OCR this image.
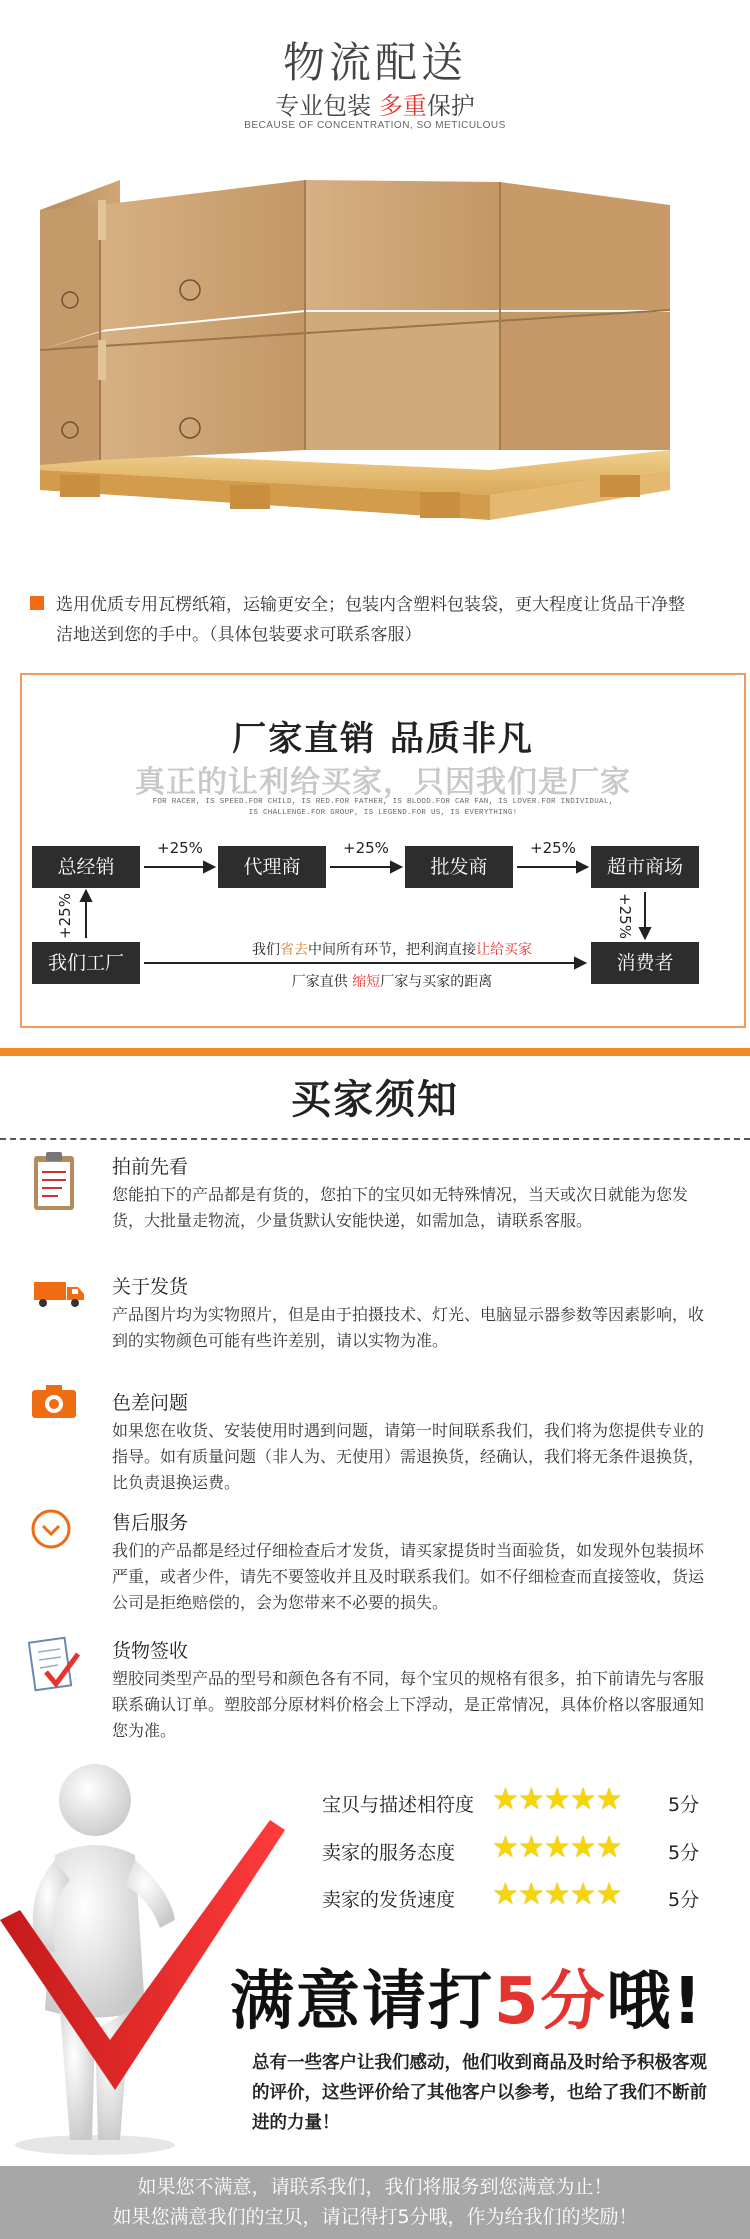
物流配送
专业包装 多重保护
BECAUSE OF CONCENTRATION, SO METICULOUS
选用优质专用瓦楞纸箱，运输更安全；包装内含塑料包装袋，更大程度让货品干净整洁地送到您的手中。（具体包装要求可联系客服）
厂家直销 品质非凡
真正的让利给买家，只因我们是厂家
FOR RACER, IS SPEED.FOR CHILD, IS RED.FOR FATHER, IS BLOOD.FOR CAR FAN, IS LOVER.FOR INDIVIDUAL,
IS CHALLENGE.FOR GROUP, IS LEGEND.FOR US, IS EVERYTHING!
总经销	代理商	批发商	超市商场
我们工厂	消费者
+25%	+25%	+25%
+25%	+25%
我们省去中间所有环节，把利润直接让给买家
厂家直供 缩短厂家与买家的距离
买家须知
拍前先看
您能拍下的产品都是有货的，您拍下的宝贝如无特殊情况，当天或次日就能为您发货，大批量走物流，少量货默认安能快递，如需加急，请联系客服。
关于发货
产品图片均为实物照片，但是由于拍摄技术、灯光、电脑显示器参数等因素影响，收到的实物颜色可能有些许差别，请以实物为准。
色差问题
如果您在收货、安装使用时遇到问题，请第一时间联系我们，我们将为您提供专业的指导。如有质量问题（非人为、无使用）需退换货，经确认，我们将无条件退换货，比负责退换运费。
售后服务
我们的产品都是经过仔细检查后才发货，请买家提货时当面验货，如发现外包装损坏严重，或者少件，请先不要签收并且及时联系我们。如不仔细检查而直接签收，货运公司是拒绝赔偿的，会为您带来不必要的损失。
货物签收
塑胶同类型产品的型号和颜色各有不同，每个宝贝的规格有很多，拍下前请先与客服联系确认订单。塑胶部分原材料价格会上下浮动，是正常情况，具体价格以客服通知您为准。
宝贝与描述相符度 ★★★★★ 5分
卖家的服务态度 ★★★★★ 5分
卖家的发货速度 ★★★★★ 5分
满意请打5分哦!
总有一些客户让我们感动，他们收到商品及时给予积极客观的评价，这些评价给了其他客户以参考，也给了我们不断前进的力量！
如果您不满意，请联系我们，我们将服务到您满意为止！
如果您满意我们的宝贝，请记得打5分哦，作为给我们的奖励！
